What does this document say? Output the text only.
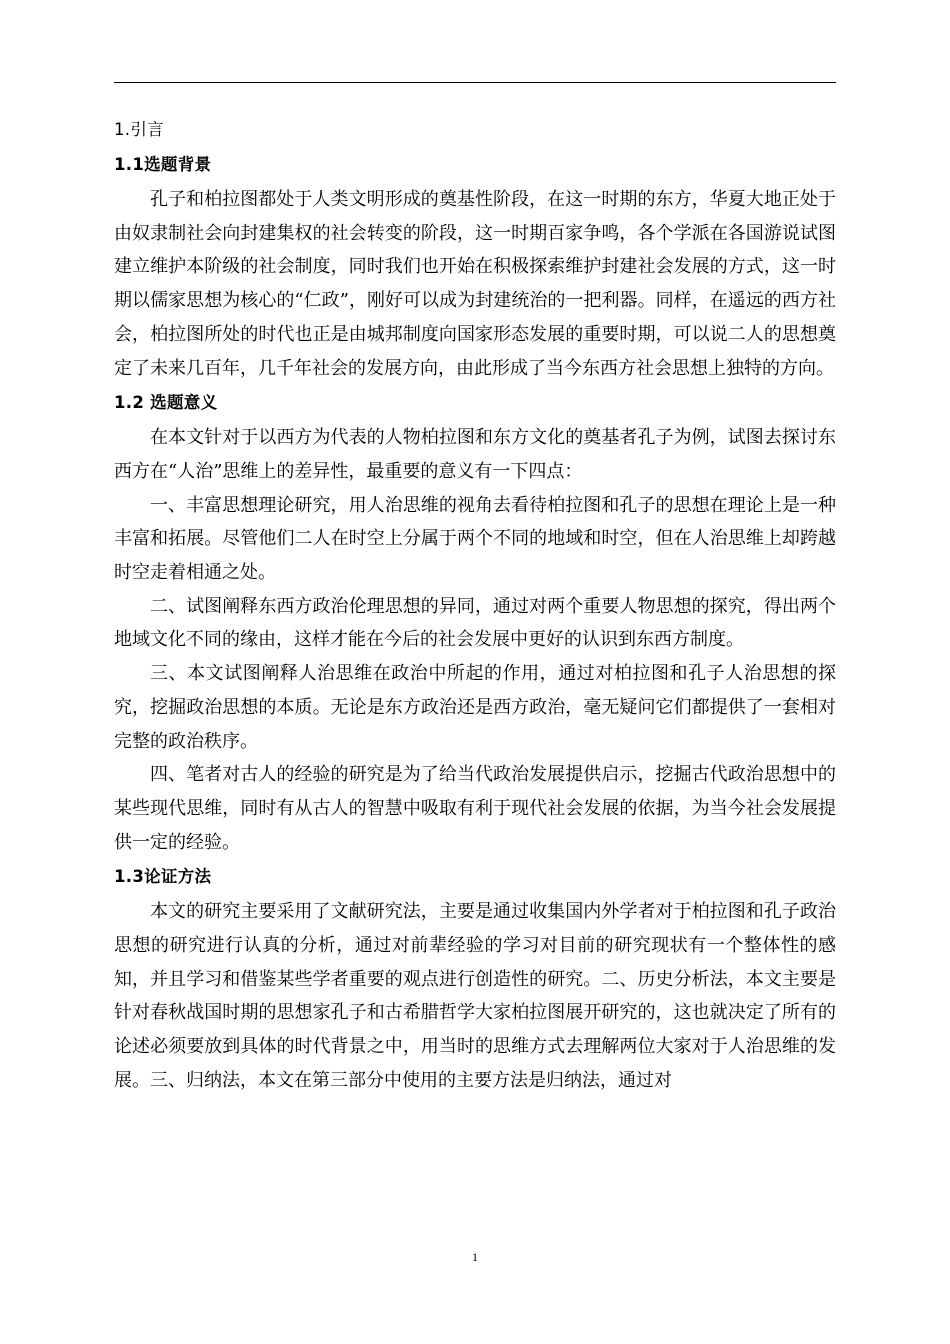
1.引言
1.1选题背景

孔子和柏拉图都处于人类文明形成的奠基性阶段，在这一时期的东方，华夏大地正处于由奴隶制社会向封建集权的社会转变的阶段，这一时期百家争鸣，各个学派在各国游说试图建立维护本阶级的社会制度，同时我们也开始在积极探索维护封建社会发展的方式，这一时期以儒家思想为核心的“仁政”，刚好可以成为封建统治的一把利器。同样，在遥远的西方社会，柏拉图所处的时代也正是由城邦制度向国家形态发展的重要时期，可以说二人的思想奠定了未来几百年，几千年社会的发展方向，由此形成了当今东西方社会思想上独特的方向。

1.2 选题意义

在本文针对于以西方为代表的人物柏拉图和东方文化的奠基者孔子为例，试图去探讨东西方在“人治”思维上的差异性，最重要的意义有一下四点：

一、丰富思想理论研究，用人治思维的视角去看待柏拉图和孔子的思想在理论上是一种丰富和拓展。尽管他们二人在时空上分属于两个不同的地域和时空，但在人治思维上却跨越时空走着相通之处。

二、试图阐释东西方政治伦理思想的异同，通过对两个重要人物思想的探究，得出两个地域文化不同的缘由，这样才能在今后的社会发展中更好的认识到东西方制度。

三、本文试图阐释人治思维在政治中所起的作用，通过对柏拉图和孔子人治思想的探究，挖掘政治思想的本质。无论是东方政治还是西方政治，毫无疑问它们都提供了一套相对完整的政治秩序。

四、笔者对古人的经验的研究是为了给当代政治发展提供启示，挖掘古代政治思想中的某些现代思维，同时有从古人的智慧中吸取有利于现代社会发展的依据，为当今社会发展提供一定的经验。

1.3论证方法

本文的研究主要采用了文献研究法，主要是通过收集国内外学者对于柏拉图和孔子政治思想的研究进行认真的分析，通过对前辈经验的学习对目前的研究现状有一个整体性的感知，并且学习和借鉴某些学者重要的观点进行创造性的研究。二、历史分析法，本文主要是针对春秋战国时期的思想家孔子和古希腊哲学大家柏拉图展开研究的，这也就决定了所有的论述必须要放到具体的时代背景之中，用当时的思维方式去理解两位大家对于人治思维的发展。三、归纳法，本文在第三部分中使用的主要方法是归纳法，通过对

1
